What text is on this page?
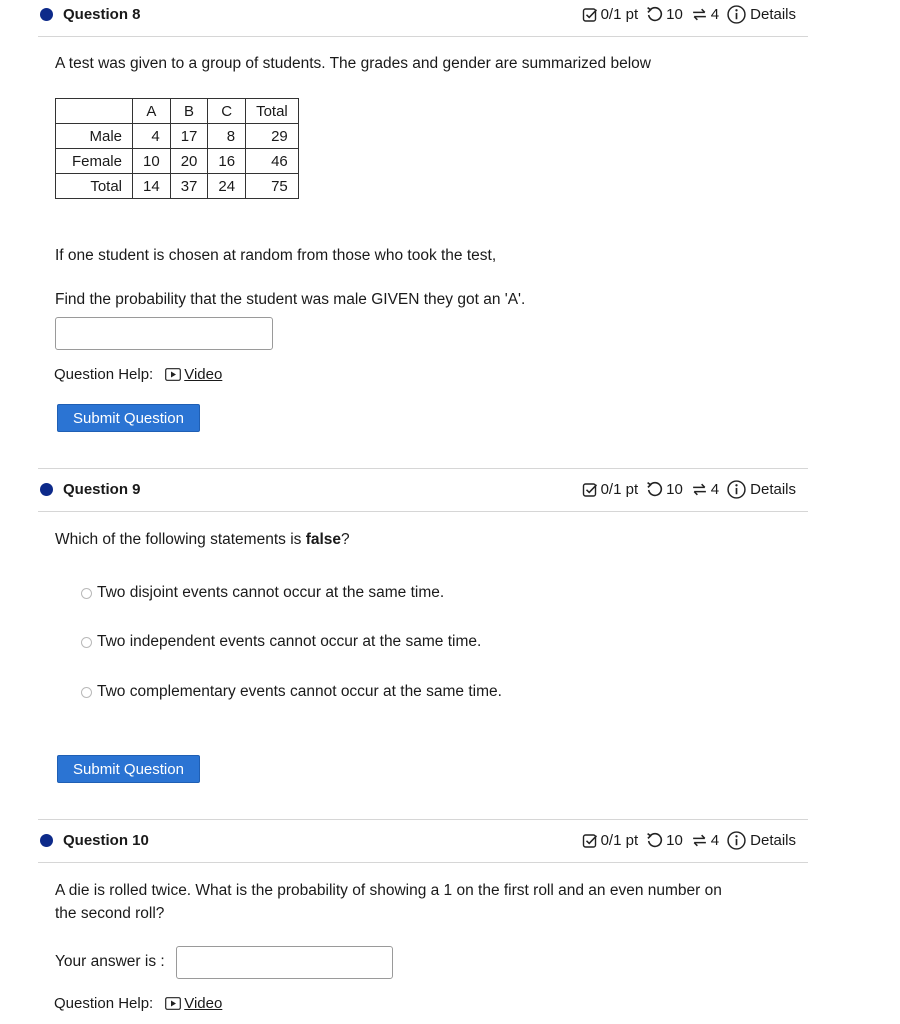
Question 8	0/1 pt 10 4 Details
A test was given to a group of students. The grades and gender are summarized below
	A	B	C	Total
Male	4	17	8	29
Female	10	20	16	46
Total	14	37	24	75
If one student is chosen at random from those who took the test,
Find the probability that the student was male GIVEN they got an 'A'.
Question Help: Video
Submit Question
Question 9	0/1 pt 10 4 Details
Which of the following statements is false?
Two disjoint events cannot occur at the same time.
Two independent events cannot occur at the same time.
Two complementary events cannot occur at the same time.
Submit Question
Question 10	0/1 pt 10 4 Details
A die is rolled twice. What is the probability of showing a 1 on the first roll and an even number on
the second roll?
Your answer is :
Question Help: Video
